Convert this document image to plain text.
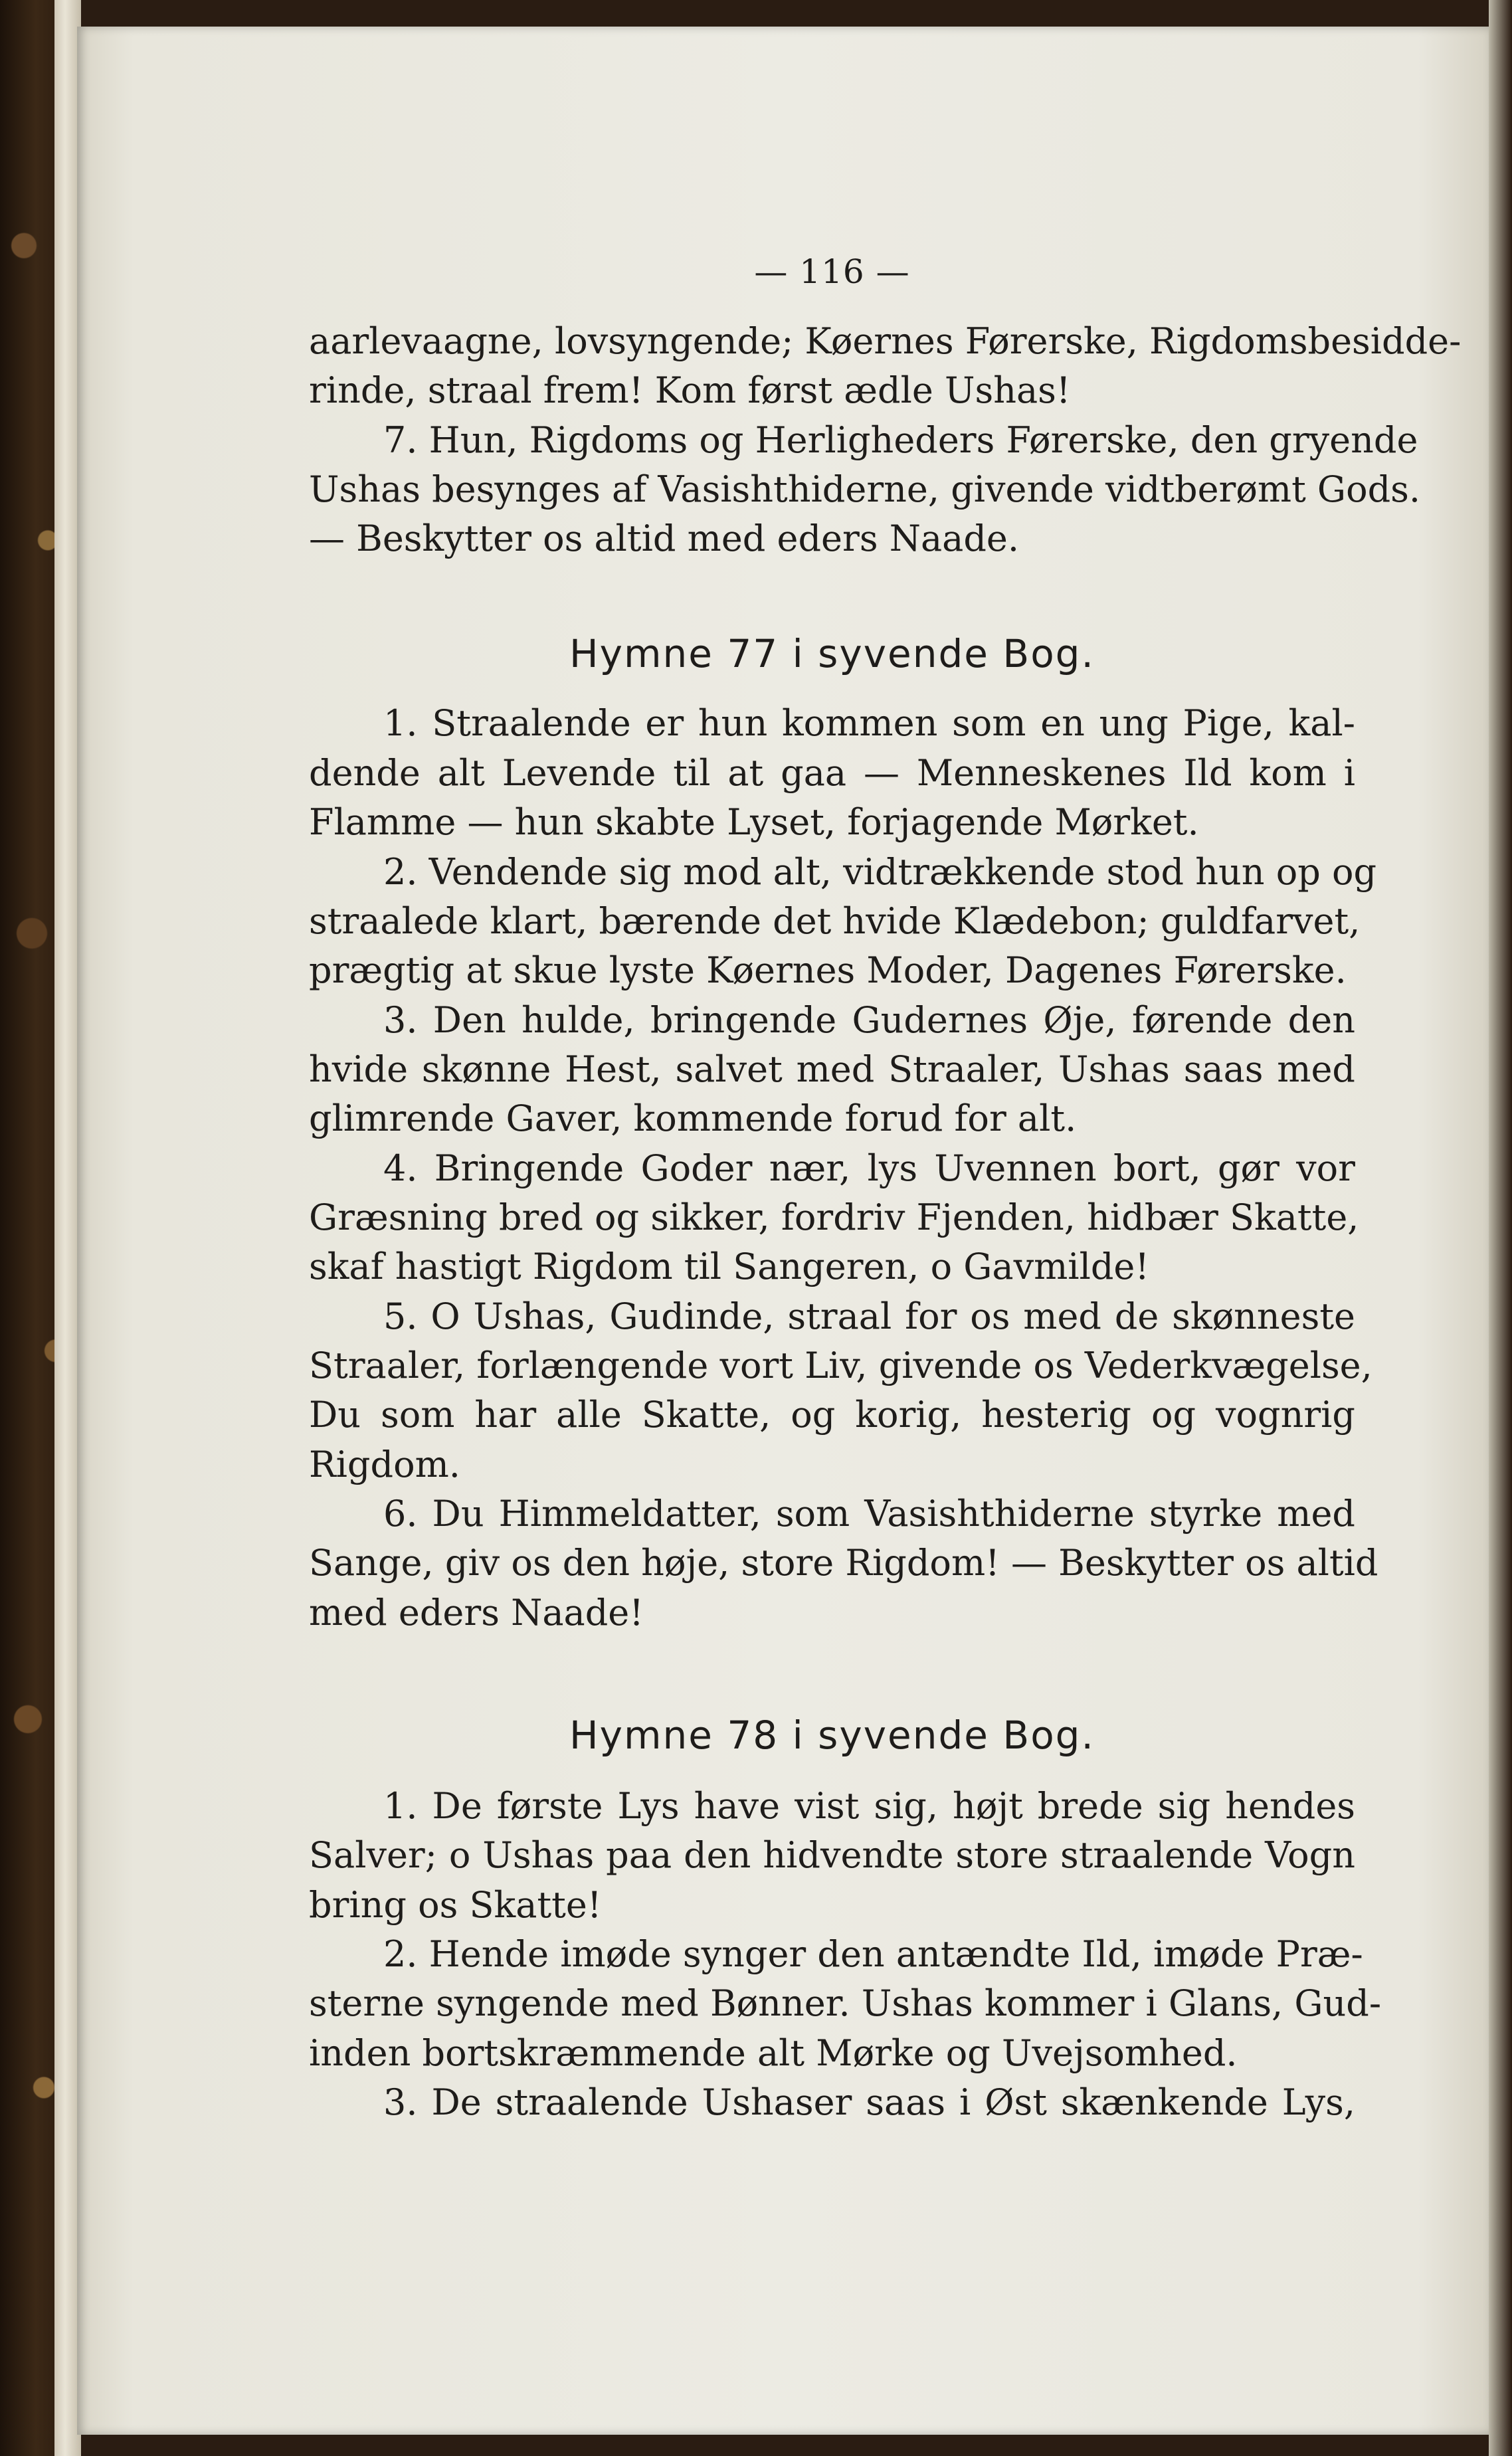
— 116 —
aarlevaagne, lovsyngende; Køernes Førerske, Rigdomsbesidde-
rinde, straal frem! Kom først ædle Ushas!
7. Hun, Rigdoms og Herligheders Førerske, den gryende
Ushas besynges af Vasishthiderne, givende vidtberømt Gods.
— Beskytter os altid med eders Naade.
Hymne 77 i syvende Bog.
1. Straalende er hun kommen som en ung Pige, kal-
dende alt Levende til at gaa — Menneskenes Ild kom i
Flamme — hun skabte Lyset, forjagende Mørket.
2. Vendende sig mod alt, vidtrækkende stod hun op og
straalede klart, bærende det hvide Klædebon; guldfarvet,
prægtig at skue lyste Køernes Moder, Dagenes Førerske.
3. Den hulde, bringende Gudernes Øje, førende den
hvide skønne Hest, salvet med Straaler, Ushas saas med
glimrende Gaver, kommende forud for alt.
4. Bringende Goder nær, lys Uvennen bort, gør vor
Græsning bred og sikker, fordriv Fjenden, hidbær Skatte,
skaf hastigt Rigdom til Sangeren, o Gavmilde!
5. O Ushas, Gudinde, straal for os med de skønneste
Straaler, forlængende vort Liv, givende os Vederkvægelse,
Du som har alle Skatte, og korig, hesterig og vognrig
Rigdom.
6. Du Himmeldatter, som Vasishthiderne styrke med
Sange, giv os den høje, store Rigdom! — Beskytter os altid
med eders Naade!
Hymne 78 i syvende Bog.
1. De første Lys have vist sig, højt brede sig hendes
Salver; o Ushas paa den hidvendte store straalende Vogn
bring os Skatte!
2. Hende imøde synger den antændte Ild, imøde Præ-
sterne syngende med Bønner. Ushas kommer i Glans, Gud-
inden bortskræmmende alt Mørke og Uvejsomhed.
3. De straalende Ushaser saas i Øst skænkende Lys,
